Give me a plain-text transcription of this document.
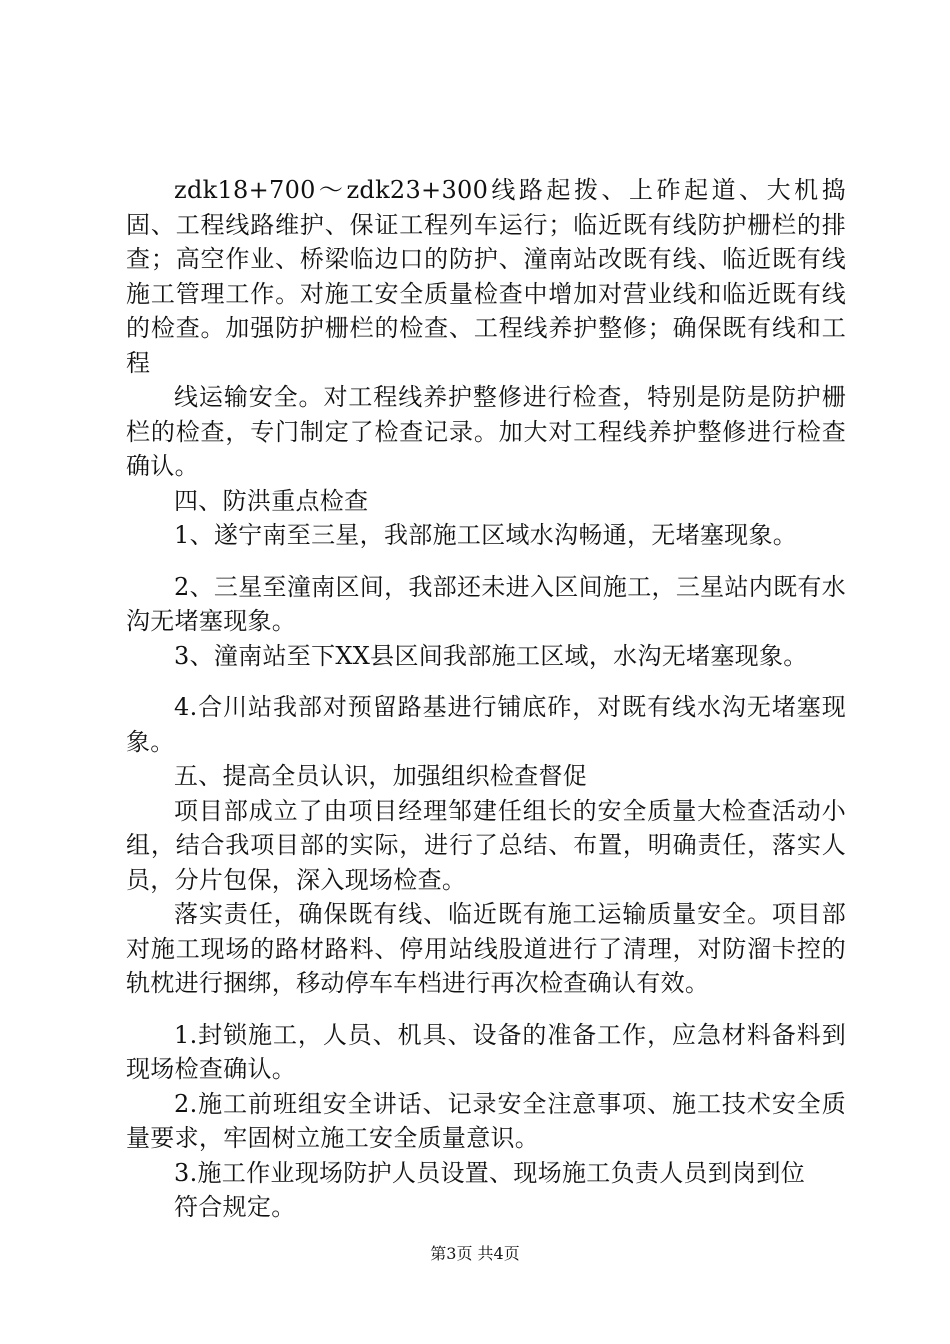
zdk18+700～zdk23+300线路起拨、上砟起道、大机捣固、工程线路维护、保证工程列车运行；临近既有线防护栅栏的排查；高空作业、桥梁临边口的防护、潼南站改既有线、临近既有线施工管理工作。对施工安全质量检查中增加对营业线和临近既有线的检查。加强防护栅栏的检查、工程线养护整修；确保既有线和工程

线运输安全。对工程线养护整修进行检查，特别是防是防护栅栏的检查，专门制定了检查记录。加大对工程线养护整修进行检查确认。

四、防洪重点检查

1、遂宁南至三星，我部施工区域水沟畅通，无堵塞现象。

2、三星至潼南区间，我部还未进入区间施工，三星站内既有水沟无堵塞现象。

3、潼南站至下XX县区间我部施工区域，水沟无堵塞现象。

4.合川站我部对预留路基进行铺底砟，对既有线水沟无堵塞现象。

五、提高全员认识，加强组织检查督促

项目部成立了由项目经理邹建任组长的安全质量大检查活动小组，结合我项目部的实际，进行了总结、布置，明确责任，落实人员，分片包保，深入现场检查。

落实责任，确保既有线、临近既有施工运输质量安全。项目部对施工现场的路材路料、停用站线股道进行了清理，对防溜卡控的轨枕进行捆绑，移动停车车档进行再次检查确认有效。

1.封锁施工，人员、机具、设备的准备工作，应急材料备料到现场检查确认。

2.施工前班组安全讲话、记录安全注意事项、施工技术安全质量要求，牢固树立施工安全质量意识。

3.施工作业现场防护人员设置、现场施工负责人员到岗到位

符合规定。

第3页 共4页
